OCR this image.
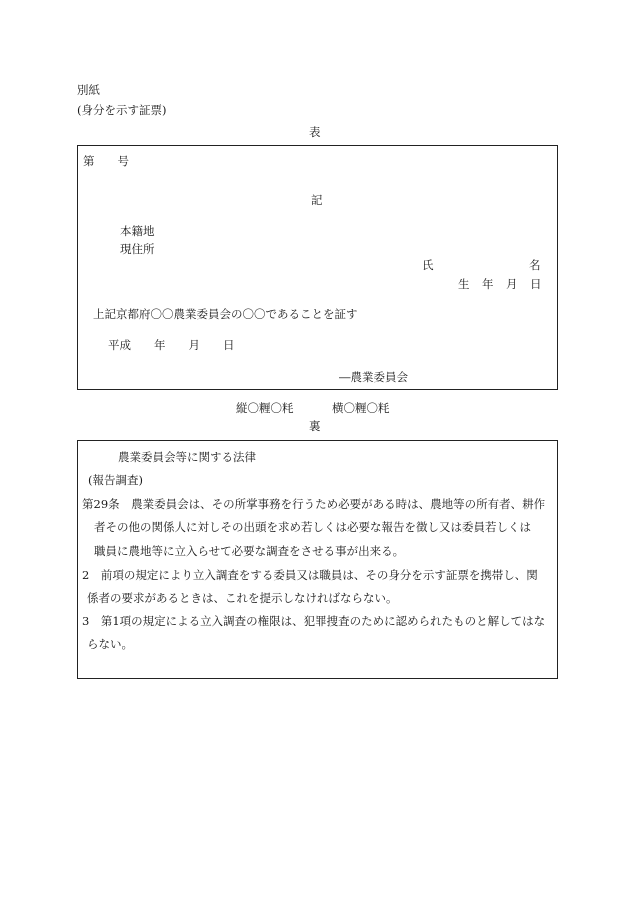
別紙
(身分を示す証票)
表
第　　号
記
本籍地
現住所
氏	名
生 年 月 日
上記京都府〇〇農業委員会の〇〇であることを証す
平成　　年　　月　　日
―農業委員会
縦〇糎〇粍	横〇糎〇粍
裏
農業委員会等に関する法律
(報告調査)
第29条　農業委員会は、その所掌事務を行うため必要がある時は、農地等の所有者、耕作
者その他の関係人に対しその出頭を求め若しくは必要な報告を徴し又は委員若しくは
職員に農地等に立入らせて必要な調査をさせる事が出来る。
2　前項の規定により立入調査をする委員又は職員は、その身分を示す証票を携帯し、関
係者の要求があるときは、これを提示しなければならない。
3　第1項の規定による立入調査の権限は、犯罪捜査のために認められたものと解してはな
らない。
